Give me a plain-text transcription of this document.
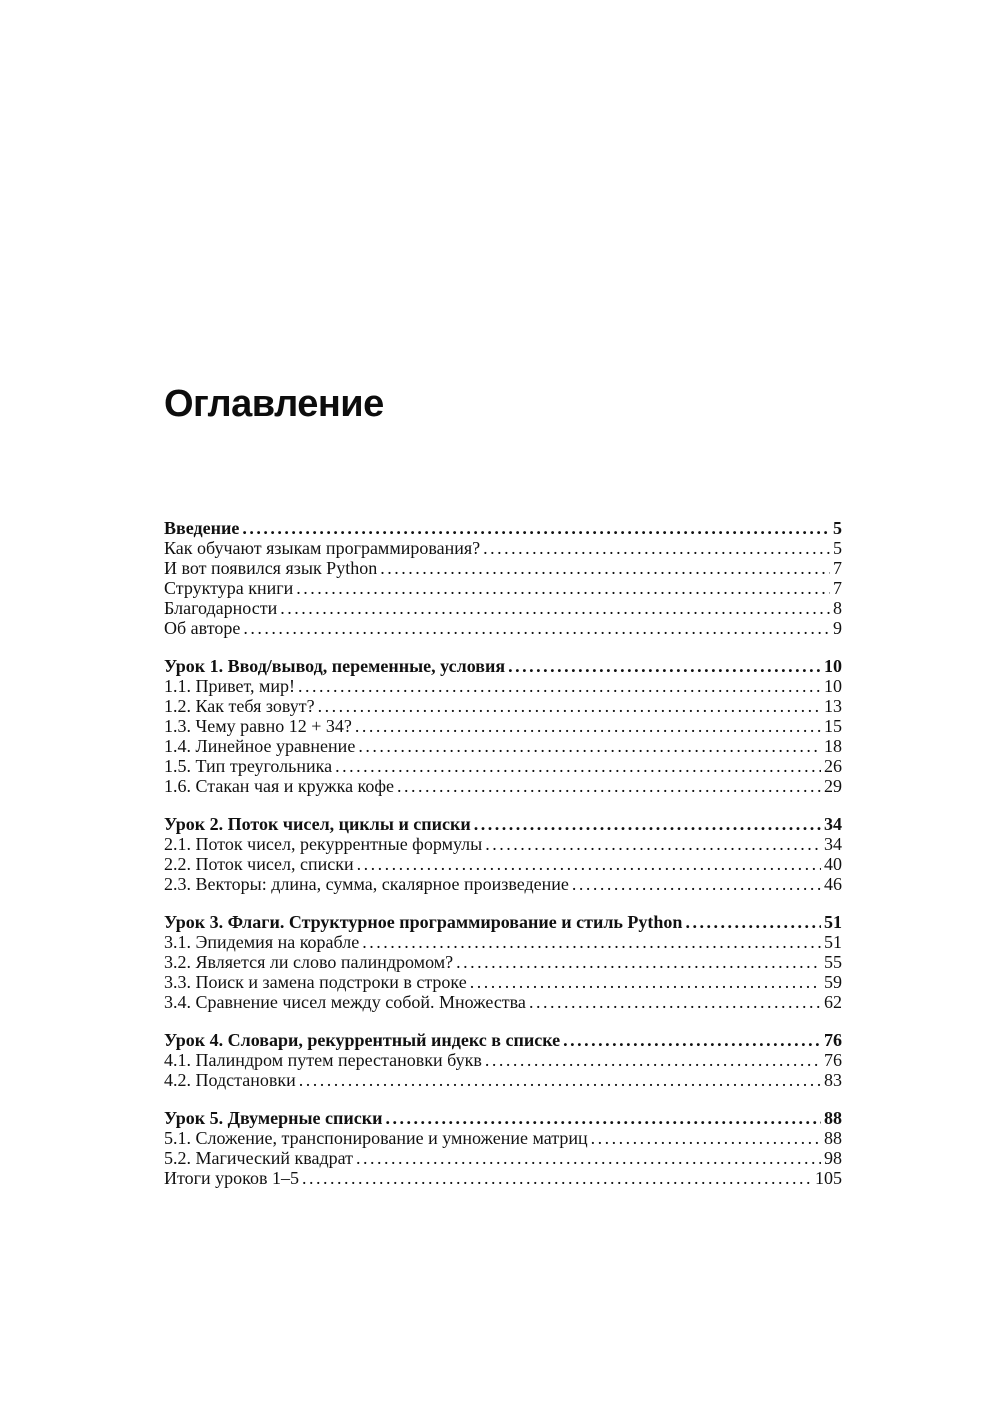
Оглавление
Введение . . .	5
Как обучают языкам программирования? . . .	5
И вот появился язык Python . . .	7
Структура книги . . .	7
Благодарности . . .	8
Об авторе . . .	9
Урок 1. Ввод/вывод, переменные, условия . . .	10
1.1. Привет, мир! . . .	10
1.2. Как тебя зовут? . . .	13
1.3. Чему равно 12 + 34? . . .	15
1.4. Линейное уравнение . . .	18
1.5. Тип треугольника . . .	26
1.6. Стакан чая и кружка кофе . . .	29
Урок 2. Поток чисел, циклы и списки . . .	34
2.1. Поток чисел, рекуррентные формулы . . .	34
2.2. Поток чисел, списки . . .	40
2.3. Векторы: длина, сумма, скалярное произведение . . .	46
Урок 3. Флаги. Структурное программирование и стиль Python . . .	51
3.1. Эпидемия на корабле . . .	51
3.2. Является ли слово палиндромом? . . .	55
3.3. Поиск и замена подстроки в строке . . .	59
3.4. Сравнение чисел между собой. Множества . . .	62
Урок 4. Словари, рекуррентный индекс в списке . . .	76
4.1. Палиндром путем перестановки букв . . .	76
4.2. Подстановки . . .	83
Урок 5. Двумерные списки . . .	88
5.1. Сложение, транспонирование и умножение матриц . . .	88
5.2. Магический квадрат . . .	98
Итоги уроков 1–5 . . .	105
